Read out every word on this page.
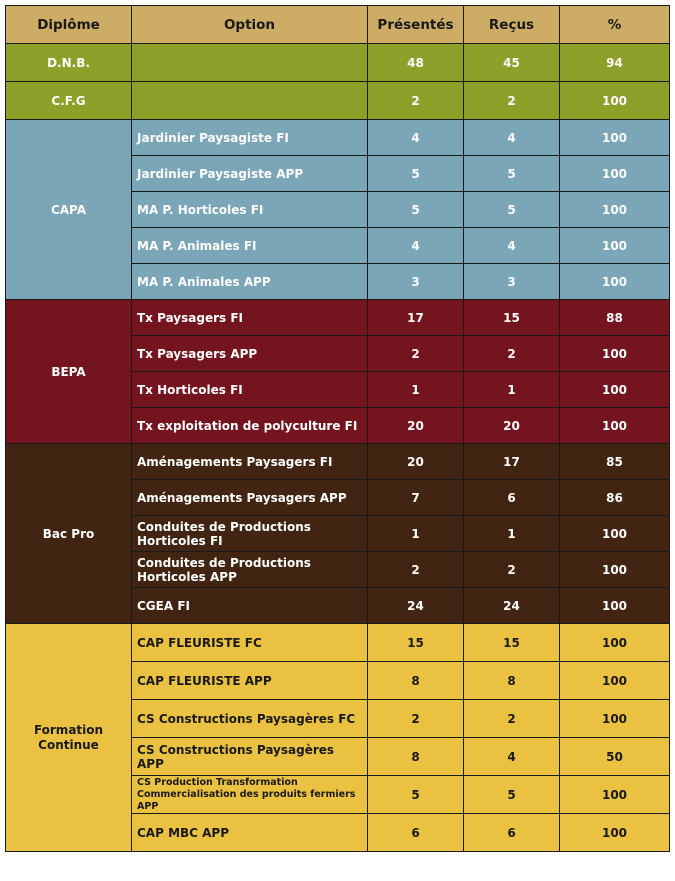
Diplôme	Option	Présentés	Reçus	%
D.N.B.		48	45	94
C.F.G		2	2	100
CAPA	Jardinier Paysagiste FI	4	4	100
	Jardinier Paysagiste APP	5	5	100
	MA P. Horticoles FI	5	5	100
	MA P. Animales FI	4	4	100
	MA P. Animales APP	3	3	100
BEPA	Tx Paysagers FI	17	15	88
	Tx Paysagers APP	2	2	100
	Tx Horticoles FI	1	1	100
	Tx exploitation de polyculture FI	20	20	100
Bac Pro	Aménagements Paysagers FI	20	17	85
	Aménagements Paysagers APP	7	6	86
	Conduites de Productions Horticoles FI	1	1	100
	Conduites de Productions Horticoles APP	2	2	100
	CGEA FI	24	24	100
Formation Continue	CAP FLEURISTE FC	15	15	100
	CAP FLEURISTE APP	8	8	100
	CS Constructions Paysagères FC	2	2	100
	CS Constructions Paysagères APP	8	4	50
	CS Production Transformation Commercialisation des produits fermiers APP	5	5	100
	CAP MBC APP	6	6	100
